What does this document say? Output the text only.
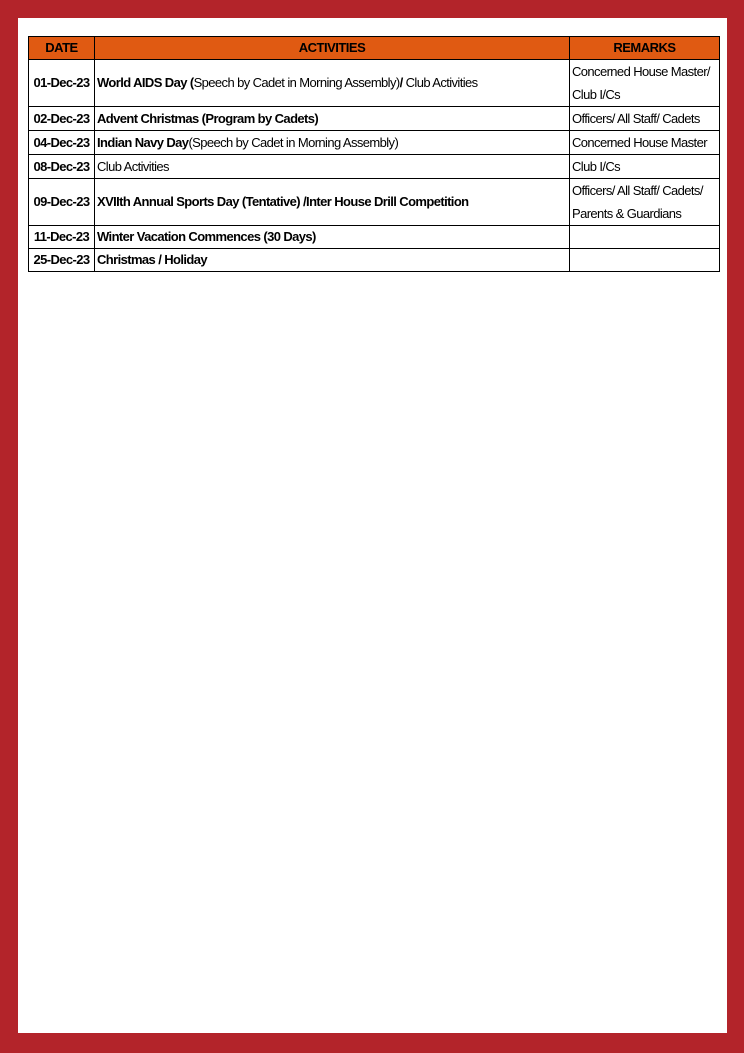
DATE	ACTIVITIES	REMARKS
01-Dec-23	World AIDS Day (Speech by Cadet in Morning Assembly)/ Club Activities	Concerned House Master/ Club I/Cs
02-Dec-23	Advent Christmas (Program by Cadets)	Officers/ All Staff/ Cadets
04-Dec-23	Indian Navy Day(Speech by Cadet in Morning Assembly)	Concerned House Master
08-Dec-23	Club Activities	Club I/Cs
09-Dec-23	XVIIth Annual Sports Day (Tentative) /Inter House Drill Competition	Officers/ All Staff/ Cadets/ Parents & Guardians
11-Dec-23	Winter Vacation Commences (30 Days)	
25-Dec-23	Christmas / Holiday	
